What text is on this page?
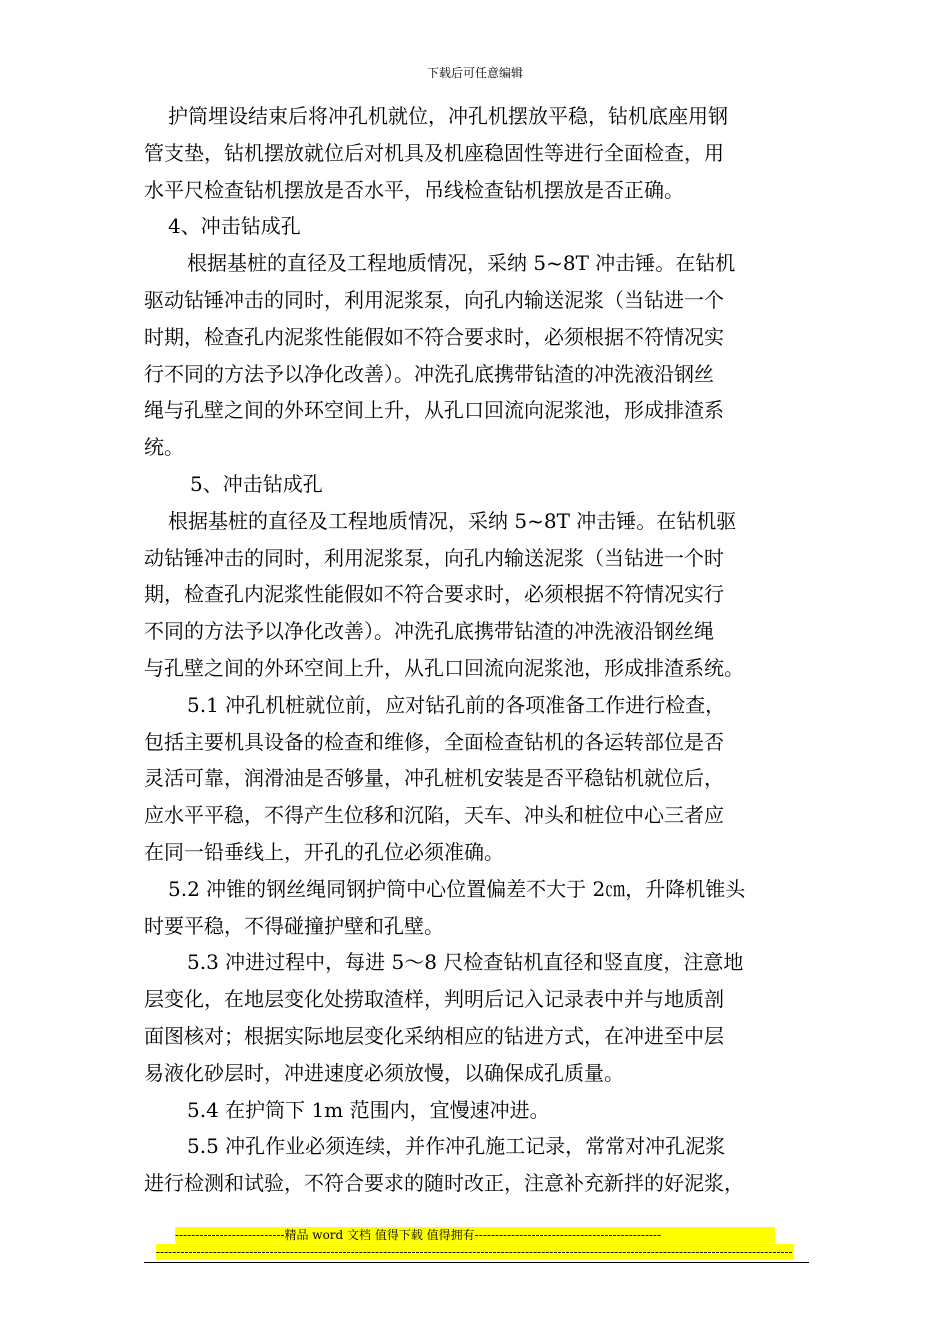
下载后可任意编辑

护筒埋设结束后将冲孔机就位，冲孔机摆放平稳，钻机底座用钢

管支垫，钻机摆放就位后对机具及机座稳固性等进行全面检查，用

水平尺检查钻机摆放是否水平，吊线检查钻机摆放是否正确。

4、冲击钻成孔

根据基桩的直径及工程地质情况，采纳 5~8T 冲击锤。在钻机

驱动钻锤冲击的同时，利用泥浆泵，向孔内输送泥浆（当钻进一个

时期，检查孔内泥浆性能假如不符合要求时，必须根据不符情况实

行不同的方法予以净化改善）。冲洗孔底携带钻渣的冲洗液沿钢丝

绳与孔壁之间的外环空间上升，从孔口回流向泥浆池，形成排渣系

统。

5、冲击钻成孔

根据基桩的直径及工程地质情况，采纳 5~8T 冲击锤。在钻机驱

动钻锤冲击的同时，利用泥浆泵，向孔内输送泥浆（当钻进一个时

期，检查孔内泥浆性能假如不符合要求时，必须根据不符情况实行

不同的方法予以净化改善）。冲洗孔底携带钻渣的冲洗液沿钢丝绳

与孔壁之间的外环空间上升，从孔口回流向泥浆池，形成排渣系统。

5.1 冲孔机桩就位前，应对钻孔前的各项准备工作进行检查，

包括主要机具设备的检查和维修，全面检查钻机的各运转部位是否

灵活可靠，润滑油是否够量，冲孔桩机安装是否平稳钻机就位后，

应水平平稳，不得产生位移和沉陷，天车、冲头和桩位中心三者应

在同一铅垂线上，开孔的孔位必须准确。

5.2 冲锥的钢丝绳同钢护筒中心位置偏差不大于 2㎝，升降机锥头

时要平稳，不得碰撞护壁和孔壁。

5.3 冲进过程中，每进 5～8 尺检查钻机直径和竖直度，注意地

层变化，在地层变化处捞取渣样，判明后记入记录表中并与地质剖

面图核对；根据实际地层变化采纳相应的钻进方式，在冲进至中层

易液化砂层时，冲进速度必须放慢，以确保成孔质量。

5.4 在护筒下 1m 范围内，宜慢速冲进。

5.5 冲孔作业必须连续，并作冲孔施工记录，常常对冲孔泥浆

进行检测和试验，不符合要求的随时改正，注意补充新拌的好泥浆，

---------------------------精品 word 文档 值得下载 值得拥有----------------------------------------------
-------------------------------------------------------------------------------------------------------------------------------------------------------------
